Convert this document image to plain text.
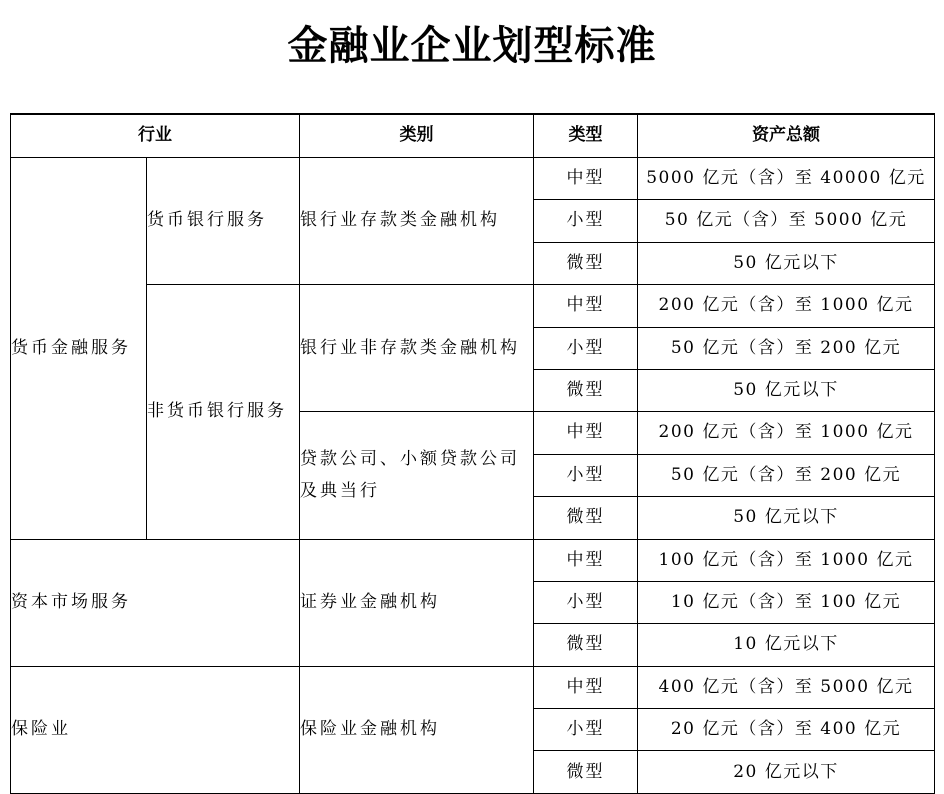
金融业企业划型标准
行业		类别	类型	资产总额
货币金融服务	货币银行服务	银行业存款类金融机构	中型	5000 亿元（含）至 40000 亿元
			小型	50 亿元（含）至 5000 亿元
			微型	50 亿元以下
	非货币银行服务	银行业非存款类金融机构	中型	200 亿元（含）至 1000 亿元
			小型	50 亿元（含）至 200 亿元
			微型	50 亿元以下
		贷款公司、小额贷款公司及典当行	中型	200 亿元（含）至 1000 亿元
			小型	50 亿元（含）至 200 亿元
			微型	50 亿元以下
资本市场服务		证券业金融机构	中型	100 亿元（含）至 1000 亿元
			小型	10 亿元（含）至 100 亿元
			微型	10 亿元以下
保险业		保险业金融机构	中型	400 亿元（含）至 5000 亿元
			小型	20 亿元（含）至 400 亿元
			微型	20 亿元以下
